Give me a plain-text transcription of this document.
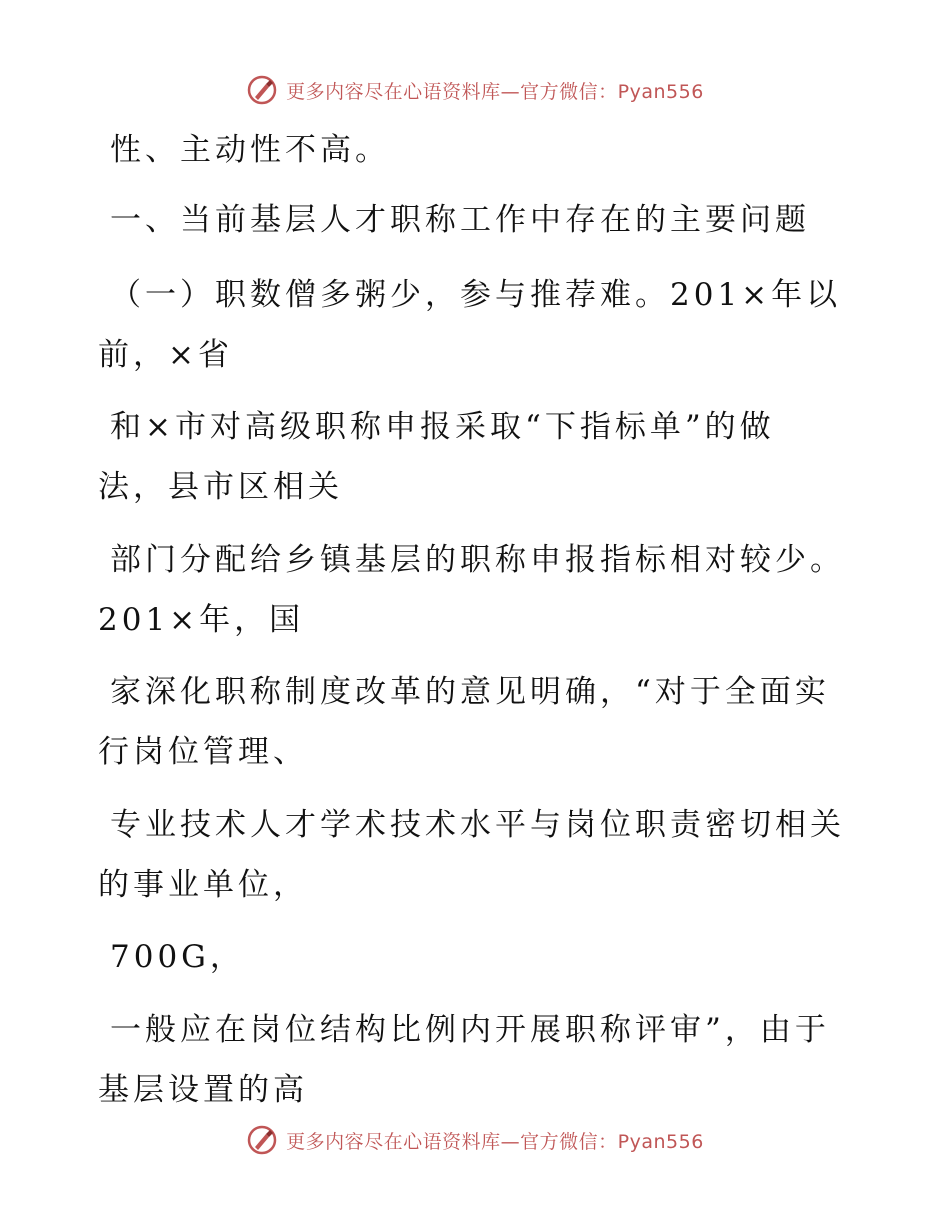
更多内容尽在心语资料库—官方微信：Pyan556
性、主动性不高。
一、当前基层人才职称工作中存在的主要问题
（一）职数僧多粥少，参与推荐难。201×年以
前，×省
和×市对高级职称申报采取“下指标单”的做
法，县市区相关
部门分配给乡镇基层的职称申报指标相对较少。
201×年，国
家深化职称制度改革的意见明确，“对于全面实
行岗位管理、
专业技术人才学术技术水平与岗位职责密切相关
的事业单位，
700G，
一般应在岗位结构比例内开展职称评审”，由于
基层设置的高
更多内容尽在心语资料库—官方微信：Pyan556
